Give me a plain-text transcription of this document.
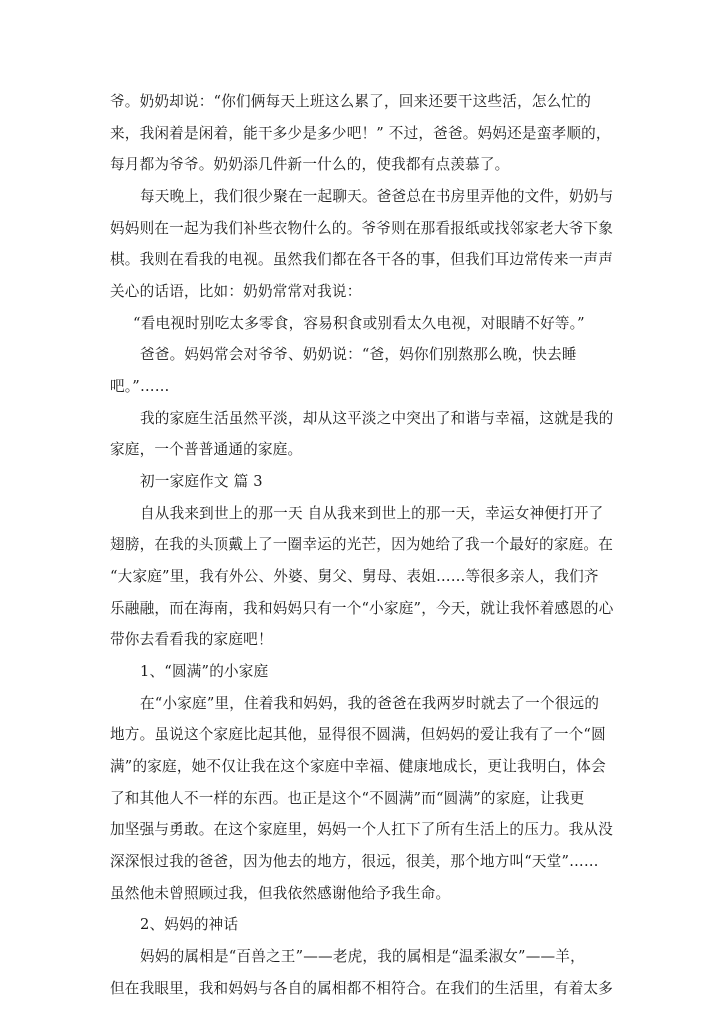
爷。奶奶却说：“你们俩每天上班这么累了，回来还要干这些活，怎么忙的
来，我闲着是闲着，能干多少是多少吧！” 不过，爸爸。妈妈还是蛮孝顺的，
每月都为爷爷。奶奶添几件新一什么的，使我都有点羡慕了。
每天晚上，我们很少聚在一起聊天。爸爸总在书房里弄他的文件，奶奶与
妈妈则在一起为我们补些衣物什么的。爷爷则在那看报纸或找邻家老大爷下象
棋。我则在看我的电视。虽然我们都在各干各的事，但我们耳边常传来一声声
关心的话语，比如：奶奶常常对我说：
“看电视时别吃太多零食，容易积食或别看太久电视，对眼睛不好等。”
爸爸。妈妈常会对爷爷、奶奶说：“爸，妈你们别熬那么晚，快去睡
吧。”……
我的家庭生活虽然平淡，却从这平淡之中突出了和谐与幸福，这就是我的
家庭，一个普普通通的家庭。
初一家庭作文 篇 3
自从我来到世上的那一天 自从我来到世上的那一天，幸运女神便打开了
翅膀，在我的头顶戴上了一圈幸运的光芒，因为她给了我一个最好的家庭。在
“大家庭”里，我有外公、外婆、舅父、舅母、表姐……等很多亲人，我们齐
乐融融，而在海南，我和妈妈只有一个“小家庭”，今天，就让我怀着感恩的心
带你去看看我的家庭吧！
1、“圆满”的小家庭
在“小家庭”里，住着我和妈妈，我的爸爸在我两岁时就去了一个很远的
地方。虽说这个家庭比起其他，显得很不圆满，但妈妈的爱让我有了一个“圆
满”的家庭，她不仅让我在这个家庭中幸福、健康地成长，更让我明白，体会
了和其他人不一样的东西。也正是这个“不圆满”而“圆满”的家庭，让我更
加坚强与勇敢。在这个家庭里，妈妈一个人扛下了所有生活上的压力。我从没
深深恨过我的爸爸，因为他去的地方，很远，很美，那个地方叫“天堂”……
虽然他未曾照顾过我，但我依然感谢他给予我生命。
2、妈妈的神话
妈妈的属相是“百兽之王”——老虎，我的属相是“温柔淑女”——羊，
但在我眼里，我和妈妈与各自的属相都不相符合。在我们的生活里，有着太多
